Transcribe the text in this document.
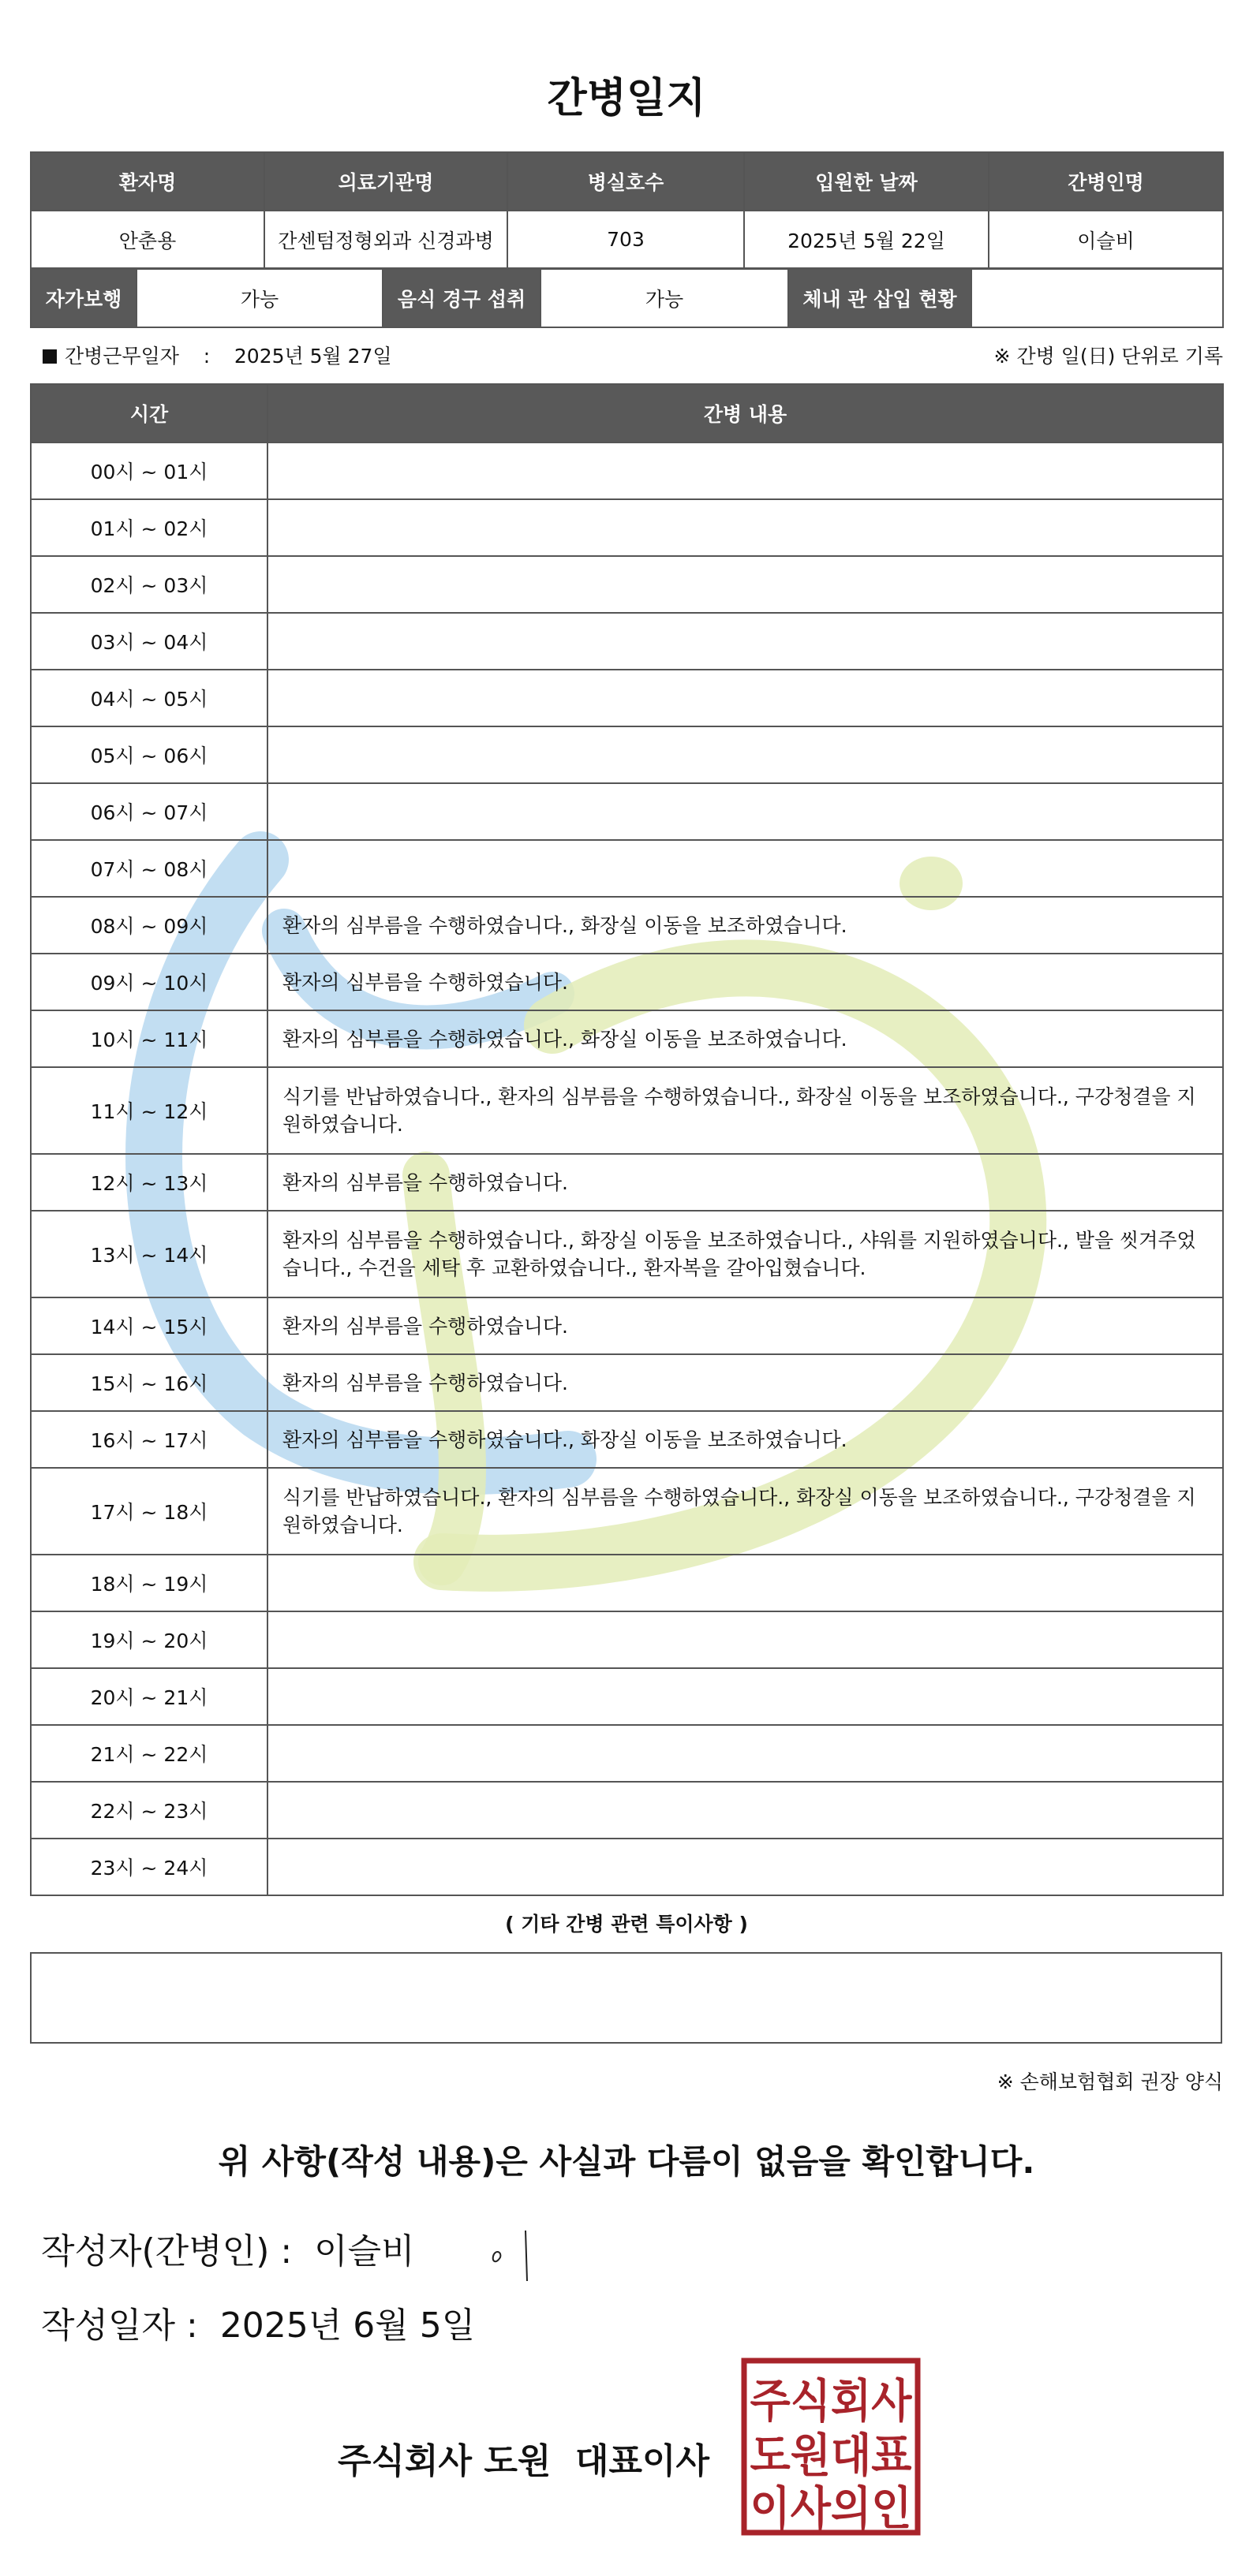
간병일지
환자명	의료기관명	병실호수	입원한 날짜	간병인명
안춘용	간센텀정형외과 신경과병	703	2025년 5월 22일	이슬비
자가보행	가능	음식 경구 섭취	가능	체내 관 삽입 현황	
간병근무일자 : 2025년 5월 27일	※ 간병 일(日) 단위로 기록
시간	간병 내용
00시 ~ 01시	
01시 ~ 02시	
02시 ~ 03시	
03시 ~ 04시	
04시 ~ 05시	
05시 ~ 06시	
06시 ~ 07시	
07시 ~ 08시	
08시 ~ 09시	환자의 심부름을 수행하였습니다., 화장실 이동을 보조하였습니다.
09시 ~ 10시	환자의 심부름을 수행하였습니다.
10시 ~ 11시	환자의 심부름을 수행하였습니다., 화장실 이동을 보조하였습니다.
11시 ~ 12시	식기를 반납하였습니다., 환자의 심부름을 수행하였습니다., 화장실 이동을 보조하였습니다., 구강청결을 지원하였습니다.
12시 ~ 13시	환자의 심부름을 수행하였습니다.
13시 ~ 14시	환자의 심부름을 수행하였습니다., 화장실 이동을 보조하였습니다., 샤워를 지원하였습니다., 발을 씻겨주었습니다., 수건을 세탁 후 교환하였습니다., 환자복을 갈아입혔습니다.
14시 ~ 15시	환자의 심부름을 수행하였습니다.
15시 ~ 16시	환자의 심부름을 수행하였습니다.
16시 ~ 17시	환자의 심부름을 수행하였습니다., 화장실 이동을 보조하였습니다.
17시 ~ 18시	식기를 반납하였습니다., 환자의 심부름을 수행하였습니다., 화장실 이동을 보조하였습니다., 구강청결을 지원하였습니다.
18시 ~ 19시	
19시 ~ 20시	
20시 ~ 21시	
21시 ~ 22시	
22시 ~ 23시	
23시 ~ 24시	
( 기타 간병 관련 특이사항 )
※ 손해보험협회 권장 양식
위 사항(작성 내용)은 사실과 다름이 없음을 확인합니다.
작성자(간병인) : 이슬비
작성일자 : 2025년 6월 5일
주식회사 도원 대표이사
주식회사
도원대표
이사의인
